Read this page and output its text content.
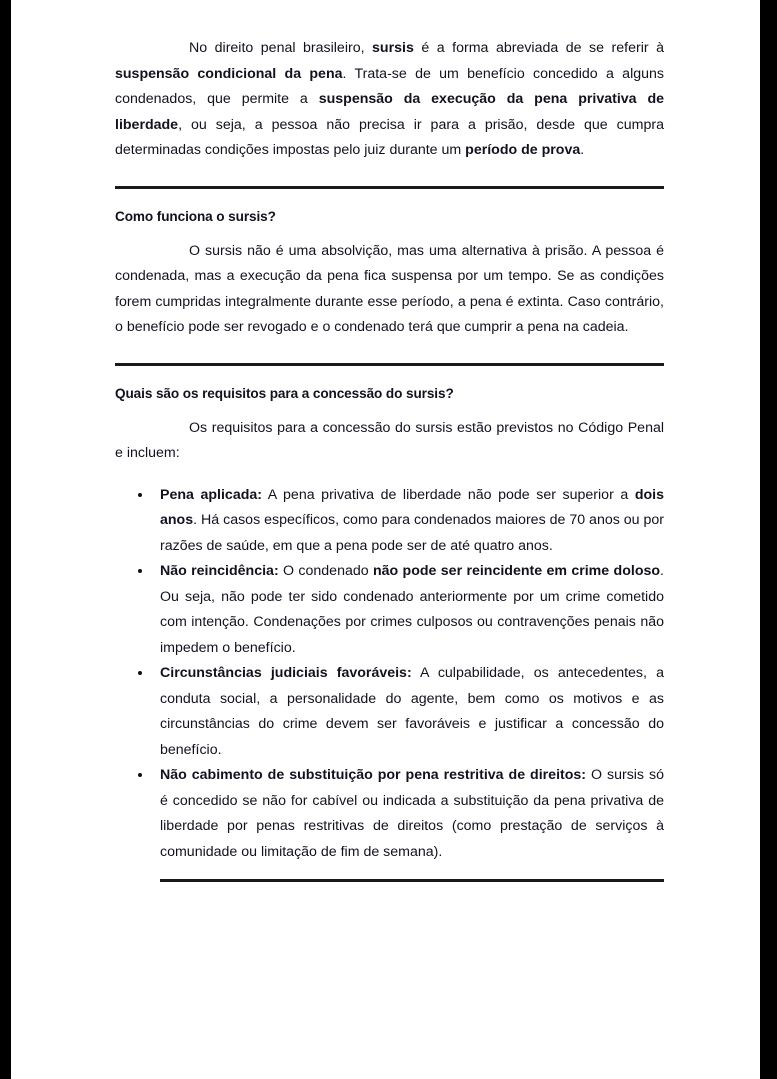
No direito penal brasileiro, sursis é a forma abreviada de se referir à suspensão condicional da pena. Trata-se de um benefício concedido a alguns condenados, que permite a suspensão da execução da pena privativa de liberdade, ou seja, a pessoa não precisa ir para a prisão, desde que cumpra determinadas condições impostas pelo juiz durante um período de prova.

Como funciona o sursis?

O sursis não é uma absolvição, mas uma alternativa à prisão. A pessoa é condenada, mas a execução da pena fica suspensa por um tempo. Se as condições forem cumpridas integralmente durante esse período, a pena é extinta. Caso contrário, o benefício pode ser revogado e o condenado terá que cumprir a pena na cadeia.

Quais são os requisitos para a concessão do sursis?

Os requisitos para a concessão do sursis estão previstos no Código Penal e incluem:

Pena aplicada: A pena privativa de liberdade não pode ser superior a dois anos. Há casos específicos, como para condenados maiores de 70 anos ou por razões de saúde, em que a pena pode ser de até quatro anos.
Não reincidência: O condenado não pode ser reincidente em crime doloso. Ou seja, não pode ter sido condenado anteriormente por um crime cometido com intenção. Condenações por crimes culposos ou contravenções penais não impedem o benefício.
Circunstâncias judiciais favoráveis: A culpabilidade, os antecedentes, a conduta social, a personalidade do agente, bem como os motivos e as circunstâncias do crime devem ser favoráveis e justificar a concessão do benefício.
Não cabimento de substituição por pena restritiva de direitos: O sursis só é concedido se não for cabível ou indicada a substituição da pena privativa de liberdade por penas restritivas de direitos (como prestação de serviços à comunidade ou limitação de fim de semana).
